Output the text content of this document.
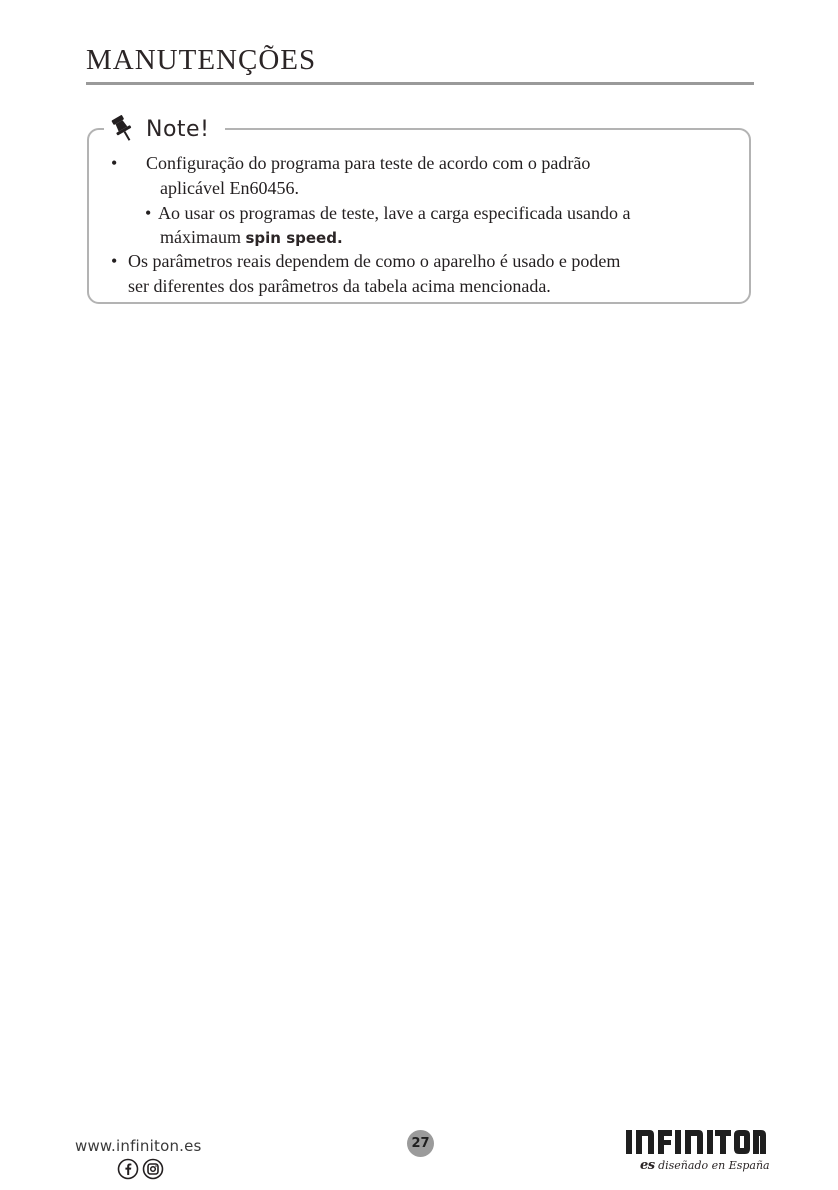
MANUTENÇÕES
Note!
• Configuração do programa para teste de acordo com o padrão
aplicável En60456.
• Ao usar os programas de teste, lave a carga especificada usando a
máximaum spin speed.
• Os parâmetros reais dependem de como o aparelho é usado e podem
ser diferentes dos parâmetros da tabela acima mencionada.
www.infiniton.es	27
es diseñado en España
